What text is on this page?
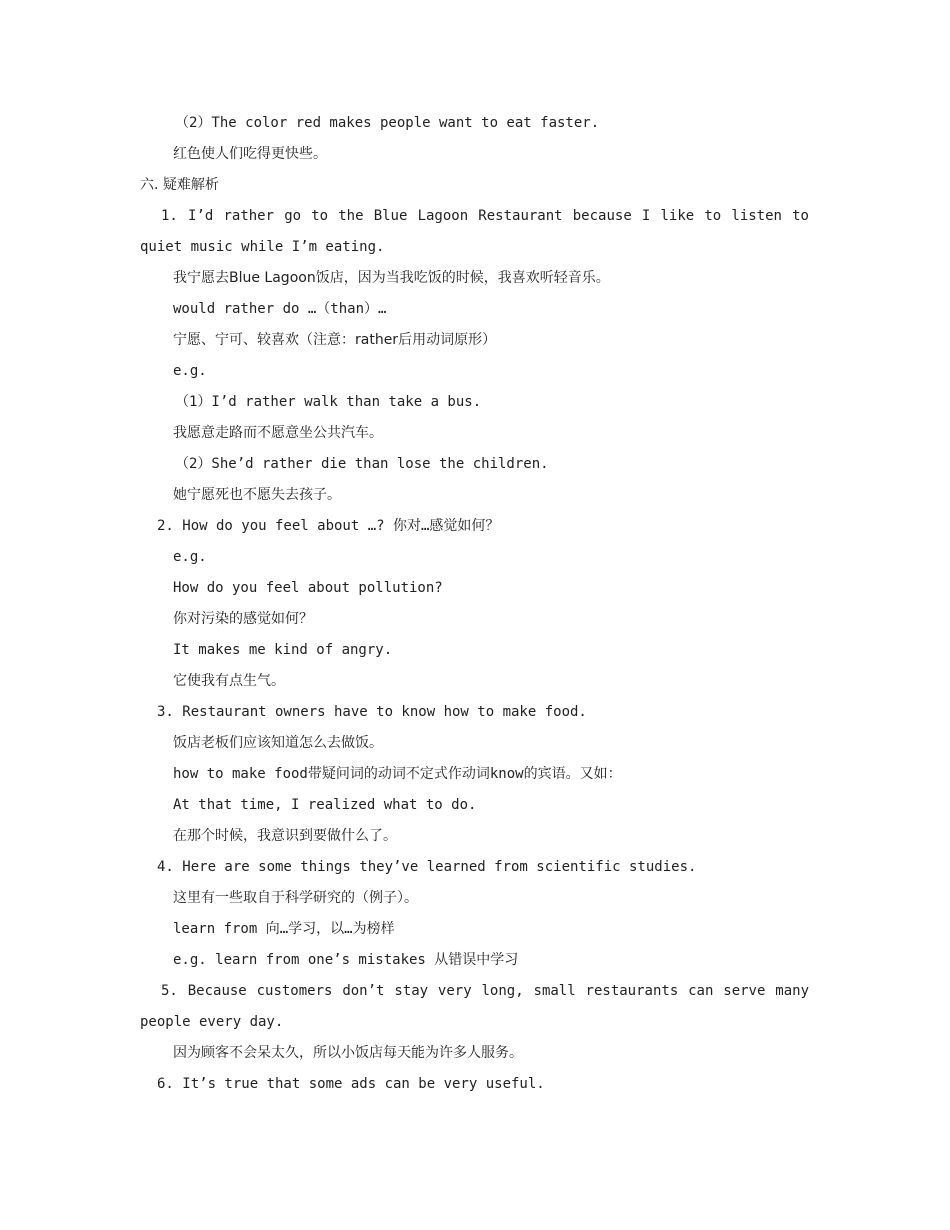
（2）The color red makes people want to eat faster.
红色使人们吃得更快些。
六. 疑难解析
1. I’d rather go to the Blue Lagoon Restaurant because I like to listen to
quiet music while I’m eating.
我宁愿去Blue Lagoon饭店，因为当我吃饭的时候，我喜欢听轻音乐。
would rather do …（than）…
宁愿、宁可、较喜欢（注意：rather后用动词原形）
e.g.
（1）I’d rather walk than take a bus.
我愿意走路而不愿意坐公共汽车。
（2）She’d rather die than lose the children.
她宁愿死也不愿失去孩子。
2. How do you feel about …? 你对…感觉如何？
e.g.
How do you feel about pollution?
你对污染的感觉如何？
It makes me kind of angry.
它使我有点生气。
3. Restaurant owners have to know how to make food.
饭店老板们应该知道怎么去做饭。
how to make food带疑问词的动词不定式作动词know的宾语。又如：
At that time, I realized what to do.
在那个时候，我意识到要做什么了。
4. Here are some things they’ve learned from scientific studies.
这里有一些取自于科学研究的（例子）。
learn from 向…学习，以…为榜样
e.g. learn from one’s mistakes 从错误中学习
5. Because customers don’t stay very long, small restaurants can serve many
people every day.
因为顾客不会呆太久，所以小饭店每天能为许多人服务。
6. It’s true that some ads can be very useful.
